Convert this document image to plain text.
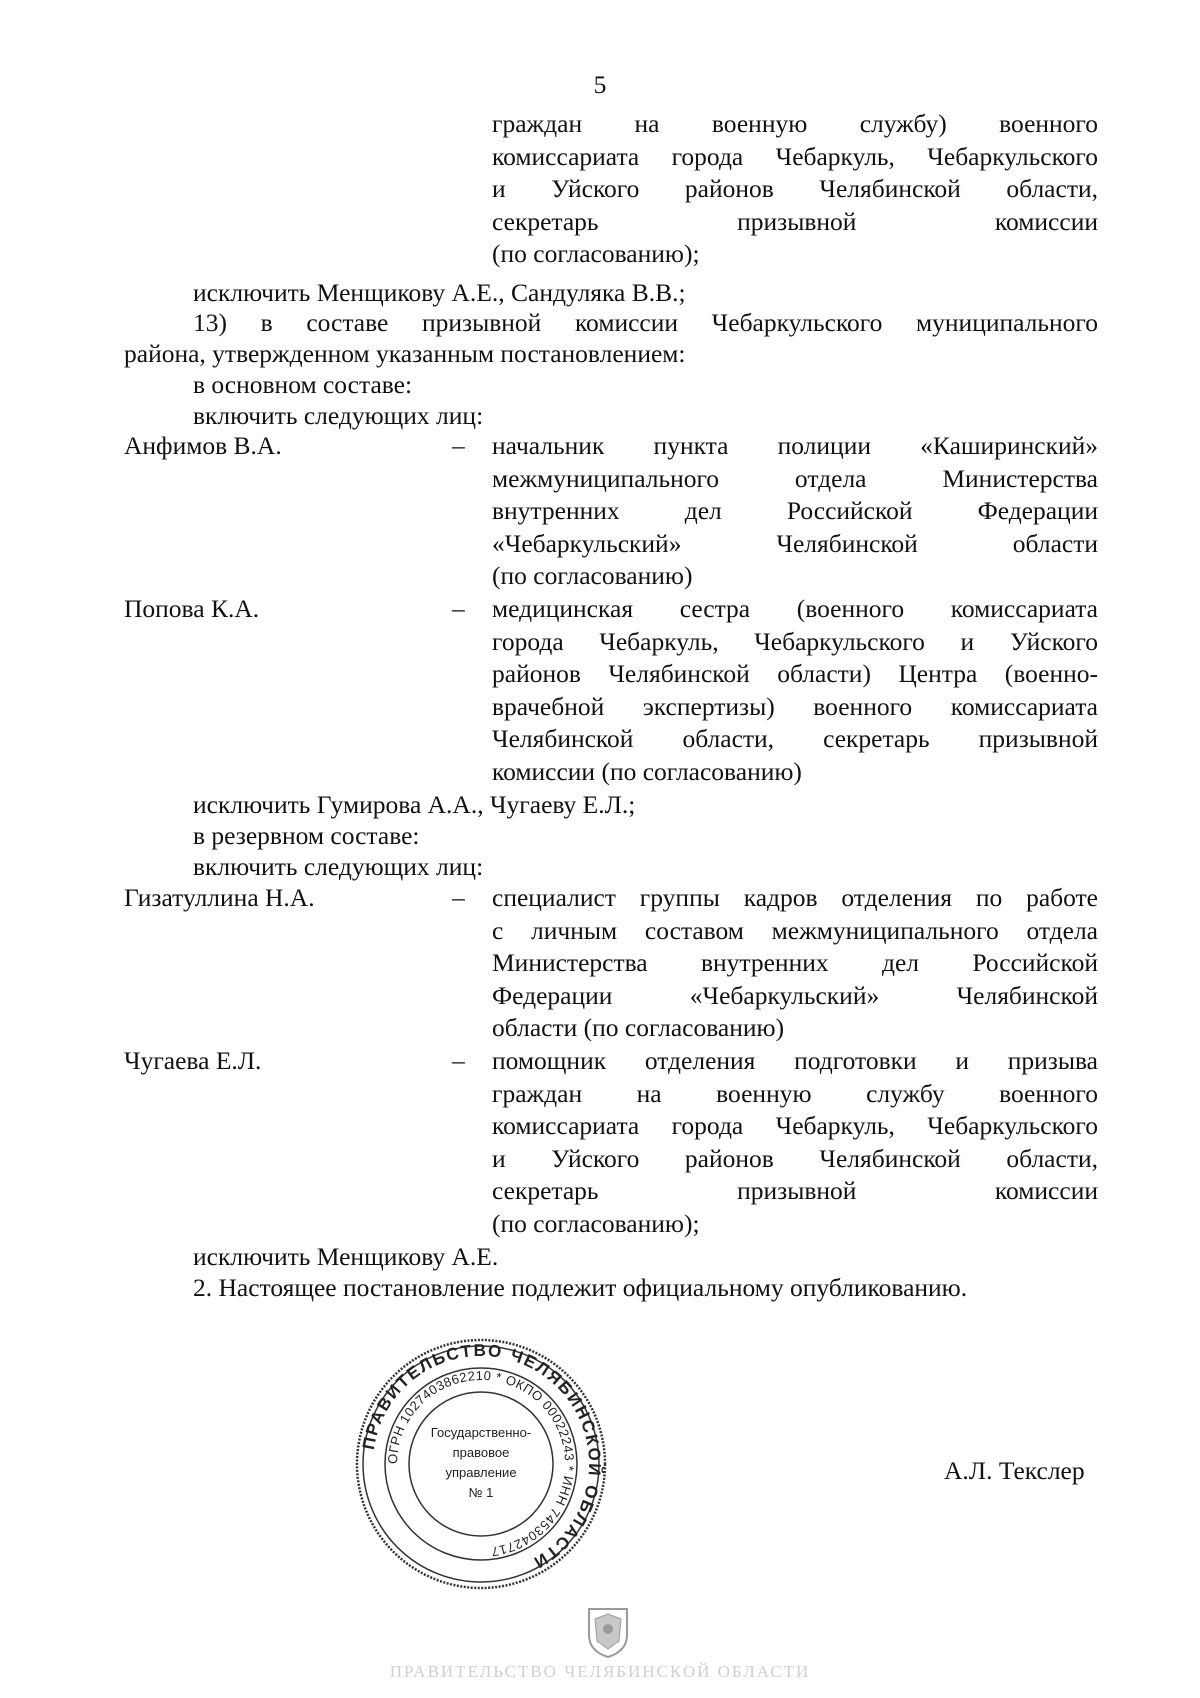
5
граждан на военную службу) военного
комиссариата города Чебаркуль, Чебаркульского
и Уйского районов Челябинской области,
секретарь призывной комиссии
(по согласованию);
исключить Менщикову А.Е., Сандуляка В.В.;
13) в составе призывной комиссии Чебаркульского муниципального
района, утвержденном указанным постановлением:
в основном составе:
включить следующих лиц:
Анфимов В.А.	– начальник пункта полиции «Каширинский»
межмуниципального отдела Министерства
внутренних дел Российской Федерации
«Чебаркульский» Челябинской области
(по согласованию)
Попова К.А.	– медицинская сестра (военного комиссариата
города Чебаркуль, Чебаркульского и Уйского
районов Челябинской области) Центра (военно-
врачебной экспертизы) военного комиссариата
Челябинской области, секретарь призывной
комиссии (по согласованию)
исключить Гумирова А.А., Чугаеву Е.Л.;
в резервном составе:
включить следующих лиц:
Гизатуллина Н.А.	– специалист группы кадров отделения по работе
с личным составом межмуниципального отдела
Министерства внутренних дел Российской
Федерации «Чебаркульский» Челябинской
области (по согласованию)
Чугаева Е.Л.	– помощник отделения подготовки и призыва
граждан на военную службу военного
комиссариата города Чебаркуль, Чебаркульского
и Уйского районов Челябинской области,
секретарь призывной комиссии
(по согласованию);
исключить Менщикову А.Е.
2. Настоящее постановление подлежит официальному опубликованию.
ПРАВИТЕЛЬСТВО ЧЕЛЯБИНСКОЙ ОБЛАСТИ
ОГРН 1027403862210 * ОКПО 00022243 * ИНН 7453042717
Государственно-
правовое
управление
№ 1
А.Л. Текслер
ПРАВИТЕЛЬСТВО ЧЕЛЯБИНСКОЙ ОБЛАСТИ
